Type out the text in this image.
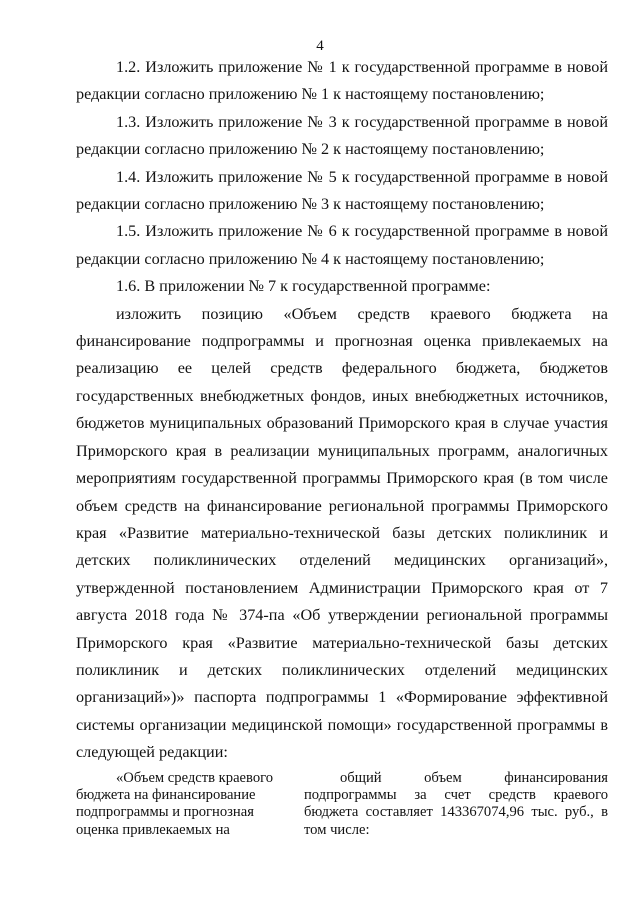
4

1.2. Изложить приложение № 1 к государственной программе в новой редакции согласно приложению № 1 к настоящему постановлению;

1.3. Изложить приложение № 3 к государственной программе в новой редакции согласно приложению № 2 к настоящему постановлению;

1.4. Изложить приложение № 5 к государственной программе в новой редакции согласно приложению № 3 к настоящему постановлению;

1.5. Изложить приложение № 6 к государственной программе в новой редакции согласно приложению № 4 к настоящему постановлению;

1.6. В приложении № 7 к государственной программе:

изложить позицию «Объем средств краевого бюджета на финансирование подпрограммы и прогнозная оценка привлекаемых на реализацию ее целей средств федерального бюджета, бюджетов государственных внебюджетных фондов, иных внебюджетных источников, бюджетов муниципальных образований Приморского края в случае участия Приморского края в реализации муниципальных программ, аналогичных мероприятиям государственной программы Приморского края (в том числе объем средств на финансирование региональной программы Приморского края «Развитие материально-технической базы детских поликлиник и детских поликлинических отделений медицинских организаций», утвержденной постановлением Администрации Приморского края от 7 августа 2018 года № 374-па «Об утверждении региональной программы Приморского края «Развитие материально-технической базы детских поликлиник и детских поликлинических отделений медицинских организаций»)» паспорта подпрограммы 1 «Формирование эффективной системы организации медицинской помощи» государственной программы в следующей редакции:

«Объем средств краевого
бюджета на финансирование
подпрограммы и прогнозная
оценка привлекаемых на
общий объем финансирования подпрограммы за счет средств краевого бюджета составляет 143367074,96 тыс. руб., в том числе:
